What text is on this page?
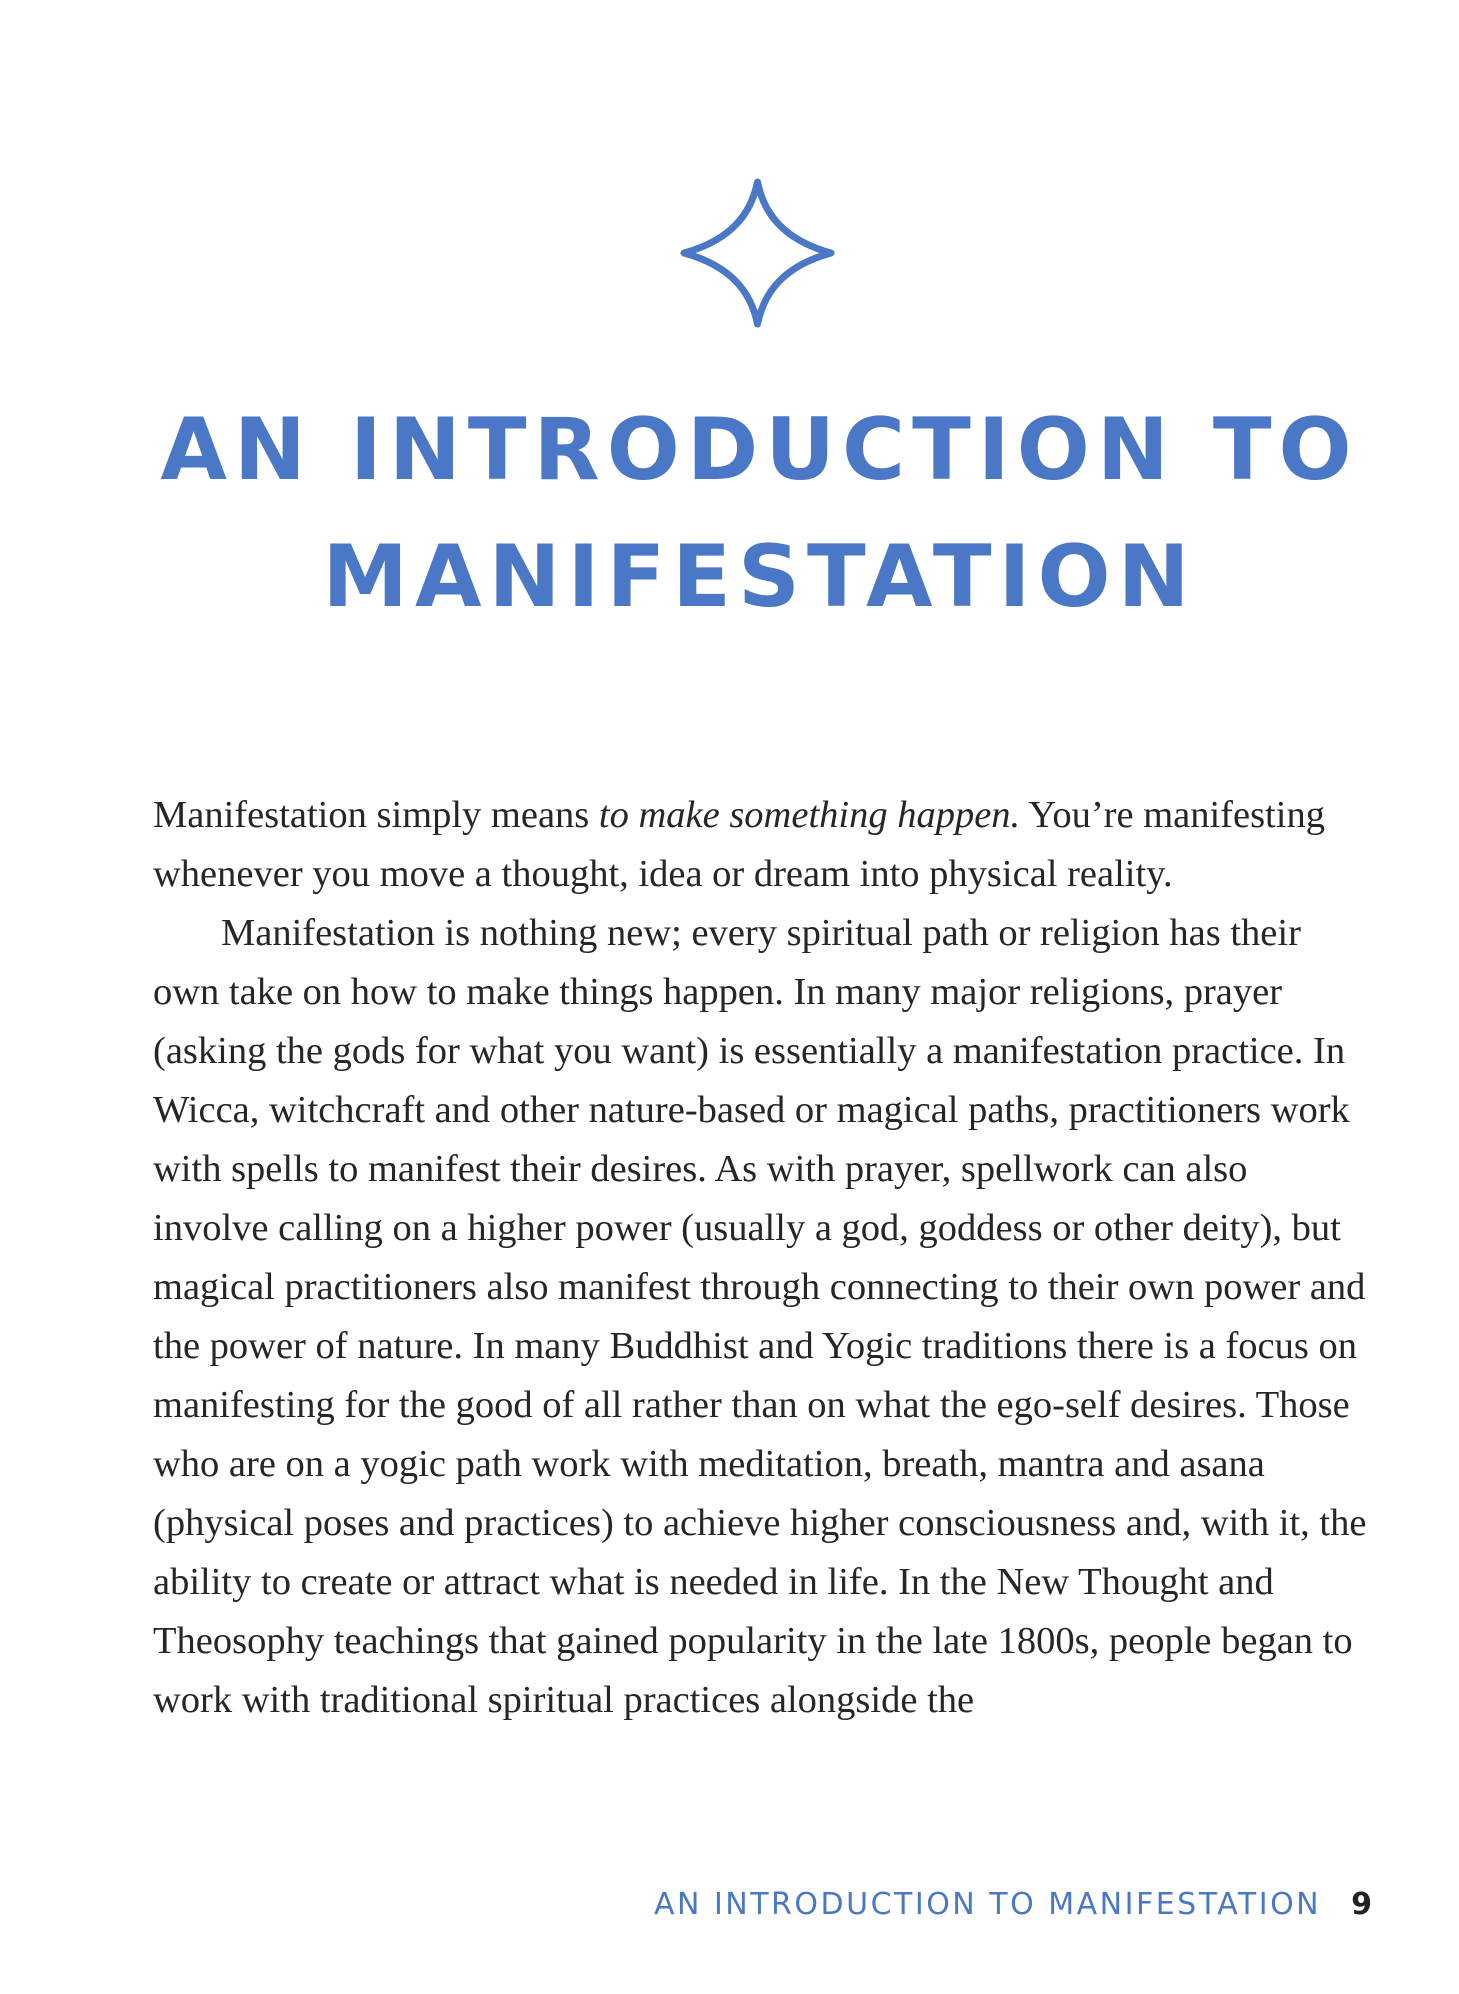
AN INTRODUCTION TO
MANIFESTATION

Manifestation simply means to make something happen. You’re manifesting whenever you move a thought, idea or dream into physical reality.

Manifestation is nothing new; every spiritual path or religion has their own take on how to make things happen. In many major religions, prayer (asking the gods for what you want) is essentially a manifestation practice. In Wicca, witchcraft and other nature-based or magical paths, practitioners work with spells to manifest their desires. As with prayer, spellwork can also involve calling on a higher power (usually a god, goddess or other deity), but magical practitioners also manifest through connecting to their own power and the power of nature. In many Buddhist and Yogic traditions there is a focus on manifesting for the good of all rather than on what the ego-self desires. Those who are on a yogic path work with meditation, breath, mantra and asana (physical poses and practices) to achieve higher consciousness and, with it, the ability to create or attract what is needed in life. In the New Thought and Theosophy teachings that gained popularity in the late 1800s, people began to work with traditional spiritual practices alongside the

AN INTRODUCTION TO MANIFESTATION 9
